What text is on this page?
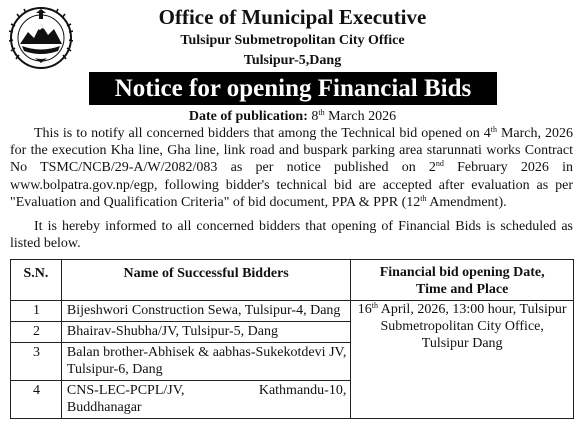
Office of Municipal Executive
Tulsipur Submetropolitan City Office
Tulsipur-5,Dang
Notice for opening Financial Bids
Date of publication: 8th March 2026

This is to notify all concerned bidders that among the Technical bid opened on 4th March, 2026 for the execution Kha line, Gha line, link road and buspark parking area starunnati works Contract No TSMC/NCB/29-A/W/2082/083 as per notice published on 2nd February 2026 in www.bolpatra.gov.np/egp, following bidder's technical bid are accepted after evaluation as per "Evaluation and Qualification Criteria" of bid document, PPA & PPR (12th Amendment).

It is hereby informed to all concerned bidders that opening of Financial Bids is scheduled as listed below.

S.N.	Name of Successful Bidders	Financial bid opening Date,
Time and Place
1	Bijeshwori Construction Sewa, Tulsipur-4, Dang	16th April, 2026, 13:00 hour, Tulsipur
Submetropolitan City Office,
Tulsipur Dang
2	Bhairav-Shubha/JV, Tulsipur-5, Dang	
3	Balan brother-Abhisek & aabhas-Sukekotdevi JV, Tulsipur-6, Dang	
4	CNS-LEC-PCPL/JV, Kathmandu-10, Buddhanagar	
